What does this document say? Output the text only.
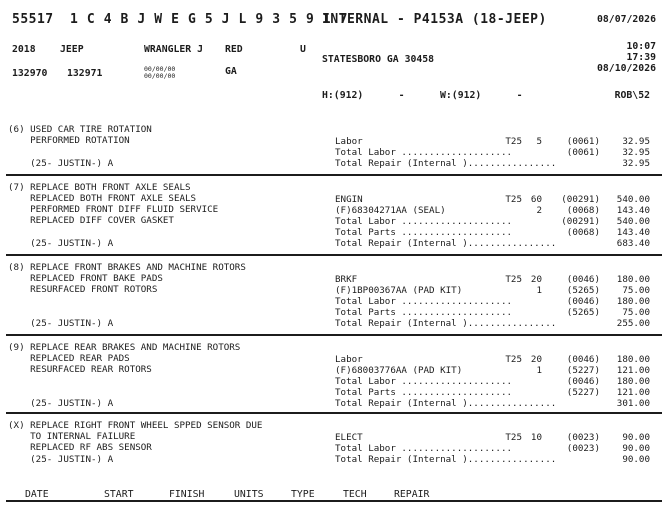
55517 1 C 4 B J W E G 5 J L 9 3 5 9 1 7
INTERNAL - P4153A (18-JEEP)	08/07/2026
2018 JEEP	WRANGLER J RED	U	10:07
17:39
08/10/2026
STATESBORO GA 30458
132970 132971	00/00/00
00/00/00	GA
H:(912)      -	W:(912)      -	ROB\52
(6) USED CAR TIRE ROTATION
PERFORMED ROTATION
(25- JUSTIN-) A
Labor	T25	5	(0061)	32.95
Total Labor ....................	(0061)	32.95
Total Repair (Internal )................	32.95
(7) REPLACE BOTH FRONT AXLE SEALS
REPLACED BOTH FRONT AXLE SEALS
PERFORMED FRONT DIFF FLUID SERVICE
REPLACED DIFF COVER GASKET
(25- JUSTIN-) A
ENGIN	T25 60	(00291)	540.00
(F)68304271AA (SEAL)	2	(0068)	143.40
Total Labor ....................	(00291)	540.00
Total Parts ....................	(0068)	143.40
Total Repair (Internal )................	683.40
(8) REPLACE FRONT BRAKES AND MACHINE ROTORS
REPLACED FRONT BAKE PADS
RESURFACED FRONT ROTORS
(25- JUSTIN-) A
BRKF	T25 20	(0046)	180.00
(F)1BP00367AA (PAD KIT)	1	(5265)	75.00
Total Labor ....................	(0046)	180.00
Total Parts ....................	(5265)	75.00
Total Repair (Internal )................	255.00
(9) REPLACE REAR BRAKES AND MACHINE ROTORS
REPLACED REAR PADS
RESURFACED REAR ROTORS
(25- JUSTIN-) A
Labor	T25 20	(0046)	180.00
(F)68003776AA (PAD KIT)	1	(5227)	121.00
Total Labor ....................	(0046)	180.00
Total Parts ....................	(5227)	121.00
Total Repair (Internal )................	301.00
(X) REPLACE RIGHT FRONT WHEEL SPPED SENSOR DUE
TO INTERNAL FAILURE
REPLACED RF ABS SENSOR
(25- JUSTIN-) A
ELECT	T25 10	(0023)	90.00
Total Labor ....................	(0023)	90.00
Total Repair (Internal )................	90.00
DATE	START	FINISH	UNITS	TYPE	TECH	REPAIR
